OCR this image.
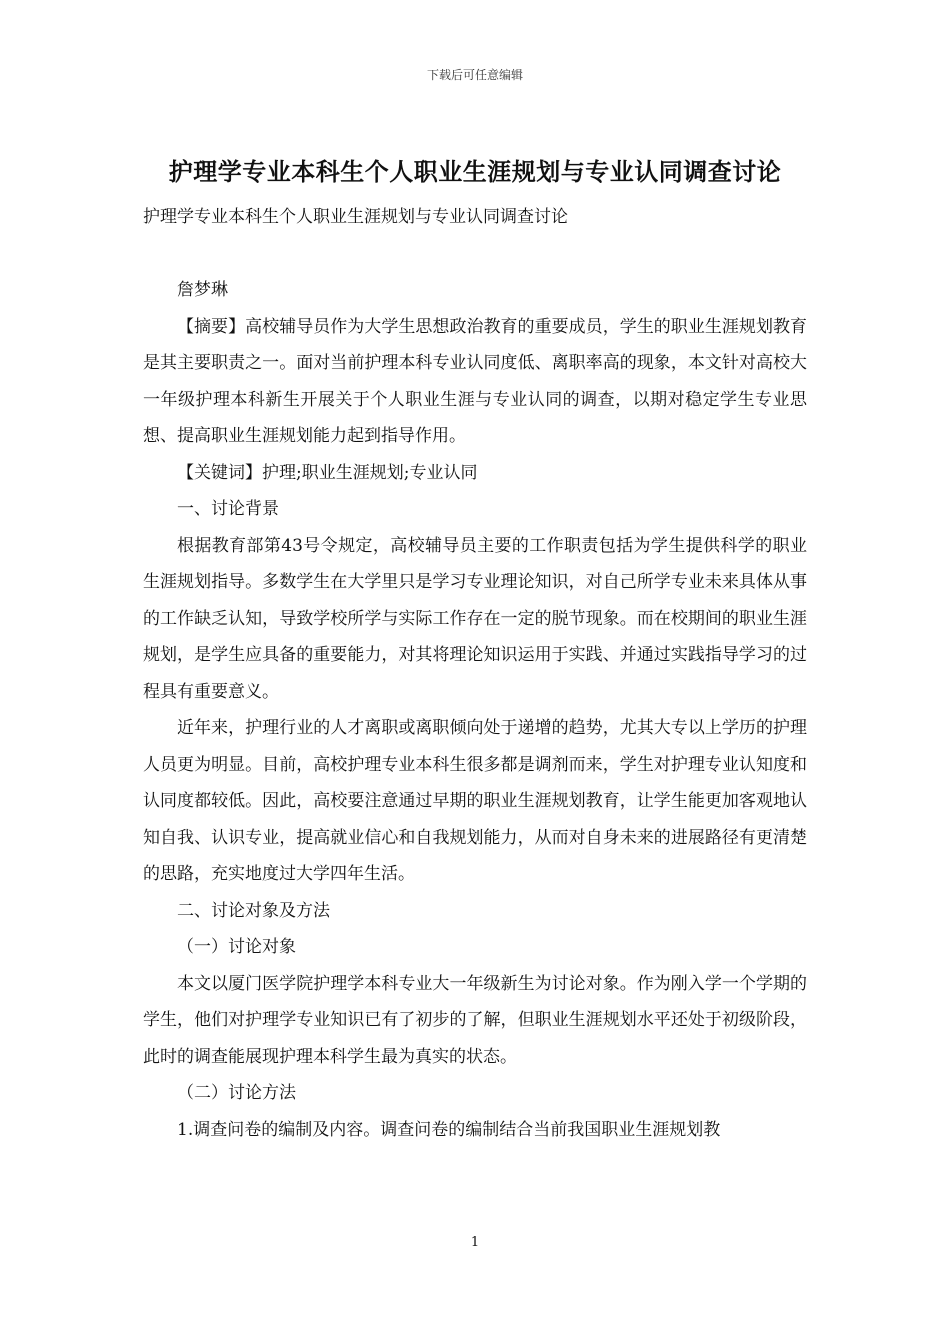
下载后可任意编辑
护理学专业本科生个人职业生涯规划与专业认同调查讨论
护理学专业本科生个人职业生涯规划与专业认同调查讨论

詹梦琳

【摘要】高校辅导员作为大学生思想政治教育的重要成员，学生的职业生涯规划教育是其主要职责之一。面对当前护理本科专业认同度低、离职率高的现象，本文针对高校大一年级护理本科新生开展关于个人职业生涯与专业认同的调查，以期对稳定学生专业思想、提高职业生涯规划能力起到指导作用。

【关键词】护理;职业生涯规划;专业认同

一、讨论背景

根据教育部第43号令规定，高校辅导员主要的工作职责包括为学生提供科学的职业生涯规划指导。多数学生在大学里只是学习专业理论知识，对自己所学专业未来具体从事的工作缺乏认知，导致学校所学与实际工作存在一定的脱节现象。而在校期间的职业生涯规划，是学生应具备的重要能力，对其将理论知识运用于实践、并通过实践指导学习的过程具有重要意义。

近年来，护理行业的人才离职或离职倾向处于递增的趋势，尤其大专以上学历的护理人员更为明显。目前，高校护理专业本科生很多都是调剂而来，学生对护理专业认知度和认同度都较低。因此，高校要注意通过早期的职业生涯规划教育，让学生能更加客观地认知自我、认识专业，提高就业信心和自我规划能力，从而对自身未来的进展路径有更清楚的思路，充实地度过大学四年生活。

二、讨论对象及方法

（一）讨论对象

本文以厦门医学院护理学本科专业大一年级新生为讨论对象。作为刚入学一个学期的学生，他们对护理学专业知识已有了初步的了解，但职业生涯规划水平还处于初级阶段，此时的调查能展现护理本科学生最为真实的状态。

（二）讨论方法

1.调查问卷的编制及内容。调查问卷的编制结合当前我国职业生涯规划教

1
